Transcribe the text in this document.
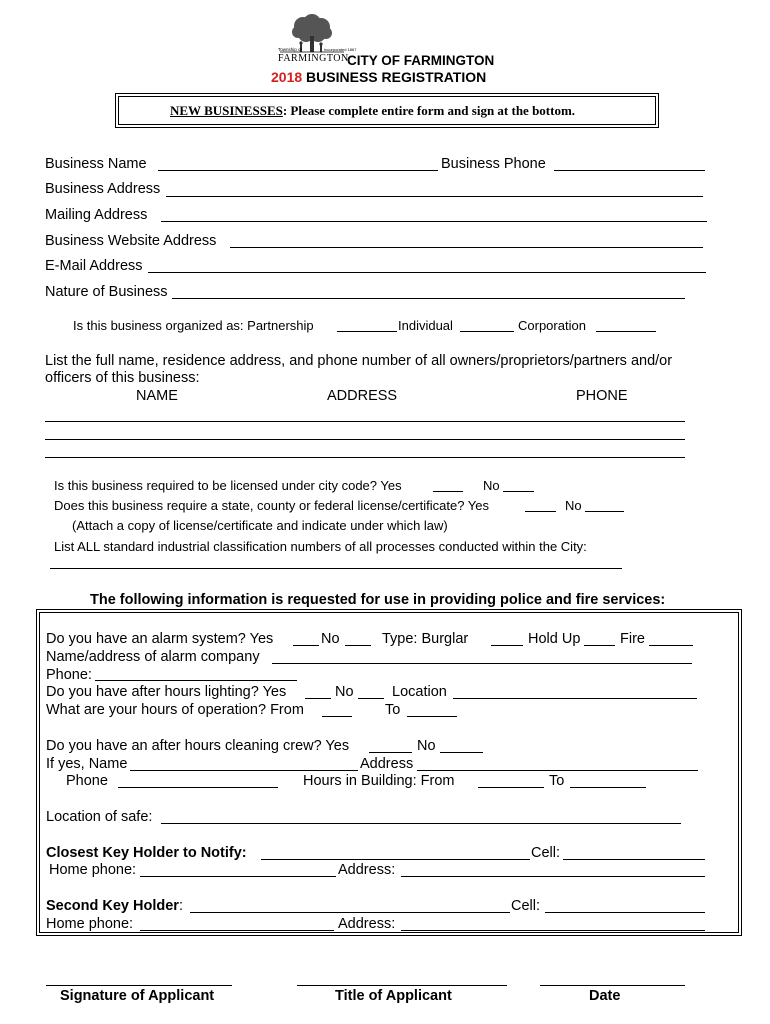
Township of	Incorporated 1867
FARMINGTON
CITY OF FARMINGTON
2018 BUSINESS REGISTRATION
NEW BUSINESSES: Please complete entire form and sign at the bottom.
Business Name	Business Phone
Business Address
Mailing Address
Business Website Address
E-Mail Address
Nature of Business
Is this business organized as: Partnership	Individual	Corporation
List the full name, residence address, and phone number of all owners/proprietors/partners and/or
officers of this business:
NAME	ADDRESS	PHONE
Is this business required to be licensed under city code? Yes	No
Does this business require a state, county or federal license/certificate? Yes	No
(Attach a copy of license/certificate and indicate under which law)
List ALL standard industrial classification numbers of all processes conducted within the City:
The following information is requested for use in providing police and fire services:
Do you have an alarm system? Yes	No	Type: Burglar	Hold Up	Fire
Name/address of alarm company
Phone:
Do you have after hours lighting? Yes	No	Location
What are your hours of operation? From	To
Do you have an after hours cleaning crew? Yes	No
If yes, Name	Address
Phone	Hours in Building: From	To
Location of safe:
Closest Key Holder to Notify:	Cell:
Home phone:	Address:
Second Key Holder:	Cell:
Home phone:	Address:
Signature of Applicant	Title of Applicant	Date
